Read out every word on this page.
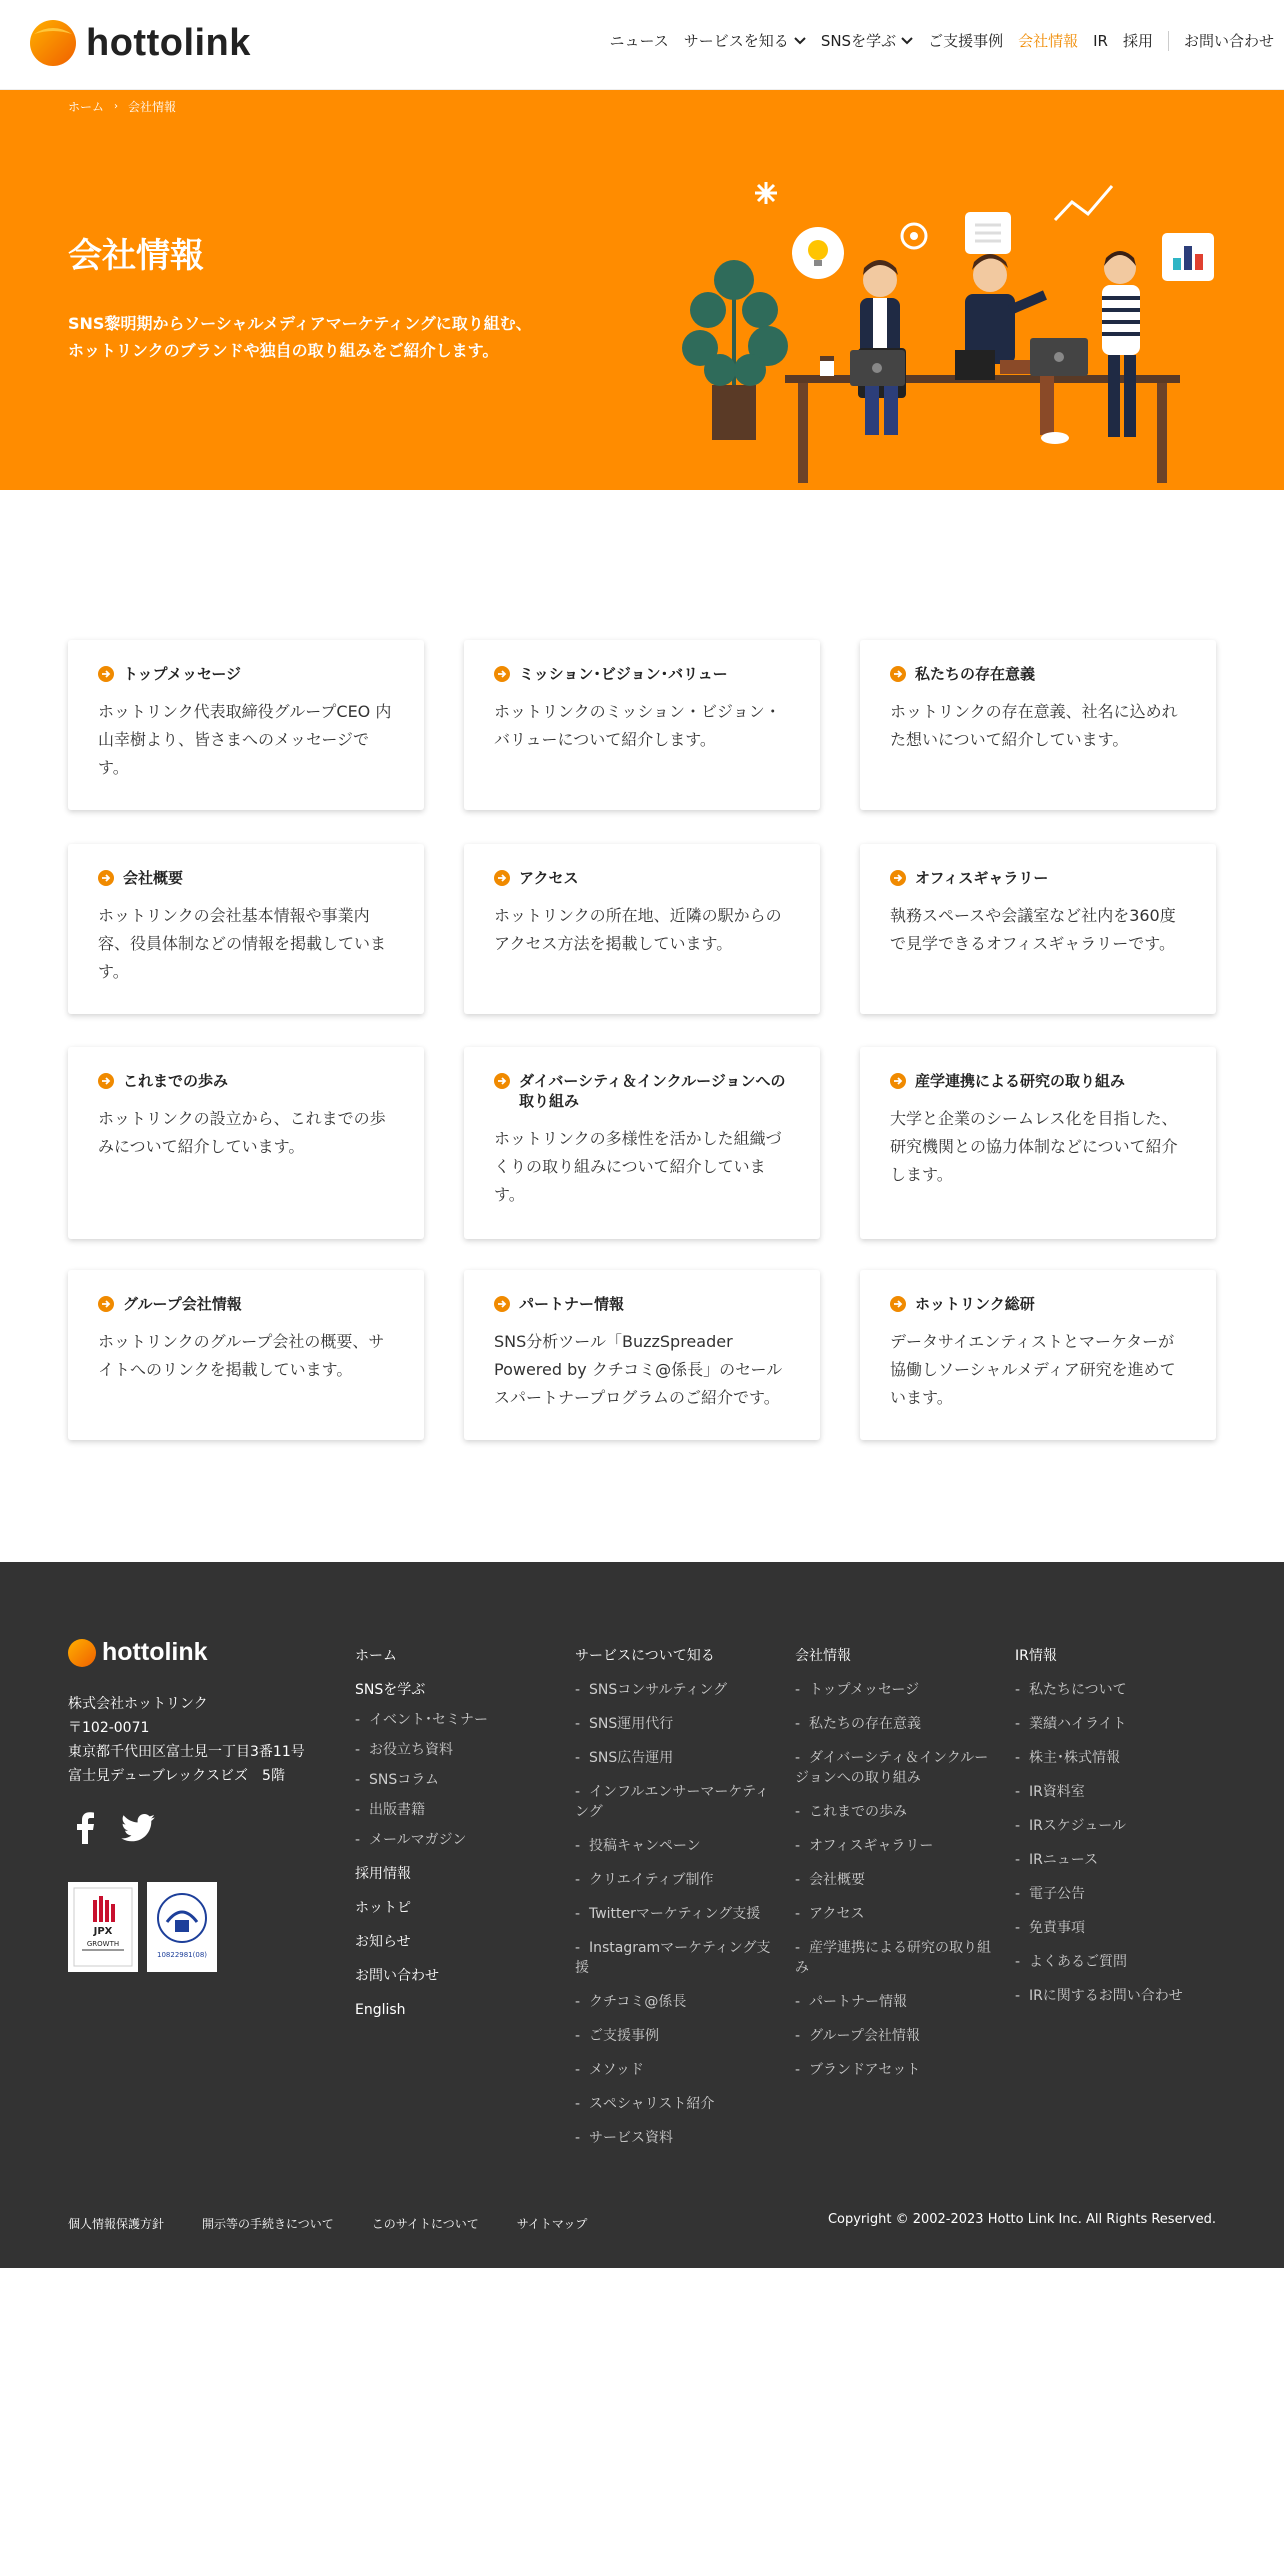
hottolink	ニュース サービスを知る SNSを学ぶ ご支援事例 会社情報 IR 採用 お問い合わせ
ホーム › 会社情報
会社情報
SNS黎明期からソーシャルメディアマーケティングに取り組む、
ホットリンクのブランドや独自の取り組みをご紹介します。
トップメッセージ
ホットリンク代表取締役グループCEO 内山幸樹より、皆さまへのメッセージです。
ミッション･ビジョン･バリュー
ホットリンクのミッション・ビジョン・バリューについて紹介します。
私たちの存在意義
ホットリンクの存在意義、社名に込めれた想いについて紹介しています。
会社概要
ホットリンクの会社基本情報や事業内容、役員体制などの情報を掲載しています。
アクセス
ホットリンクの所在地、近隣の駅からのアクセス方法を掲載しています。
オフィスギャラリー
執務スペースや会議室など社内を360度で見学できるオフィスギャラリーです。
これまでの歩み
ホットリンクの設立から、これまでの歩みについて紹介しています。
ダイバーシティ＆インクルージョンへの取り組み
ホットリンクの多様性を活かした組織づくりの取り組みについて紹介しています。
産学連携による研究の取り組み
大学と企業のシームレス化を目指した、研究機関との協力体制などについて紹介します。
グループ会社情報
ホットリンクのグループ会社の概要、サイトへのリンクを掲載しています。
パートナー情報
SNS分析ツール「BuzzSpreader Powered by クチコミ@係長」のセールスパートナープログラムのご紹介です。
ホットリンク総研
データサイエンティストとマーケターが協働しソーシャルメディア研究を進めています。
hottolink
株式会社ホットリンク
〒102-0071
東京都千代田区富士見一丁目3番11号
富士見デューブレックスビズ　5階
JPX
GROWTH
10822981(08)
ホーム
SNSを学ぶ
-  イベント･セミナー
-  お役立ち資料
-  SNSコラム
-  出版書籍
-  メールマガジン
採用情報
ホットピ
お知らせ
お問い合わせ
English
サービスについて知る
-  SNSコンサルティング
-  SNS運用代行
-  SNS広告運用
-  インフルエンサーマーケティング
-  投稿キャンペーン
-  クリエイティブ制作
-  Twitterマーケティング支援
-  Instagramマーケティング支援
-  クチコミ@係長
-  ご支援事例
-  メソッド
-  スペシャリスト紹介
-  サービス資料
会社情報
-  トップメッセージ
-  私たちの存在意義
-  ダイバーシティ＆インクルージョンへの取り組み
-  これまでの歩み
-  オフィスギャラリー
-  会社概要
-  アクセス
-  産学連携による研究の取り組み
-  パートナー情報
-  グループ会社情報
-  ブランドアセット
IR情報
-  私たちについて
-  業績ハイライト
-  株主･株式情報
-  IR資料室
-  IRスケジュール
-  IRニュース
-  電子公告
-  免責事項
-  よくあるご質問
-  IRに関するお問い合わせ
個人情報保護方針	開示等の手続きについて	このサイトについて	サイトマップ	Copyright © 2002-2023 Hotto Link Inc. All Rights Reserved.
